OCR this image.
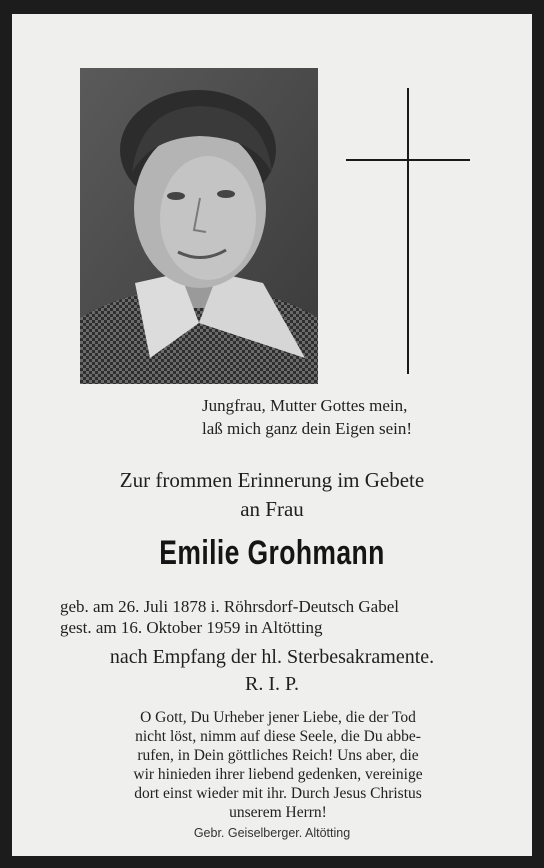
Jungfrau, Mutter Gottes mein,
laß mich ganz dein Eigen sein!
Zur frommen Erinnerung im Gebete
an Frau
Emilie Grohmann
geb. am 26. Juli 1878 i. Röhrsdorf-Deutsch Gabel
gest. am 16. Oktober 1959 in Altötting
nach Empfang der hl. Sterbesakramente.
R. I. P.
O Gott, Du Urheber jener Liebe, die der Tod
nicht löst, nimm auf diese Seele, die Du abbe-
rufen, in Dein göttliches Reich! Uns aber, die
wir hinieden ihrer liebend gedenken, vereinige
dort einst wieder mit ihr. Durch Jesus Christus
unserem Herrn!
Gebr. Geiselberger. Altötting
